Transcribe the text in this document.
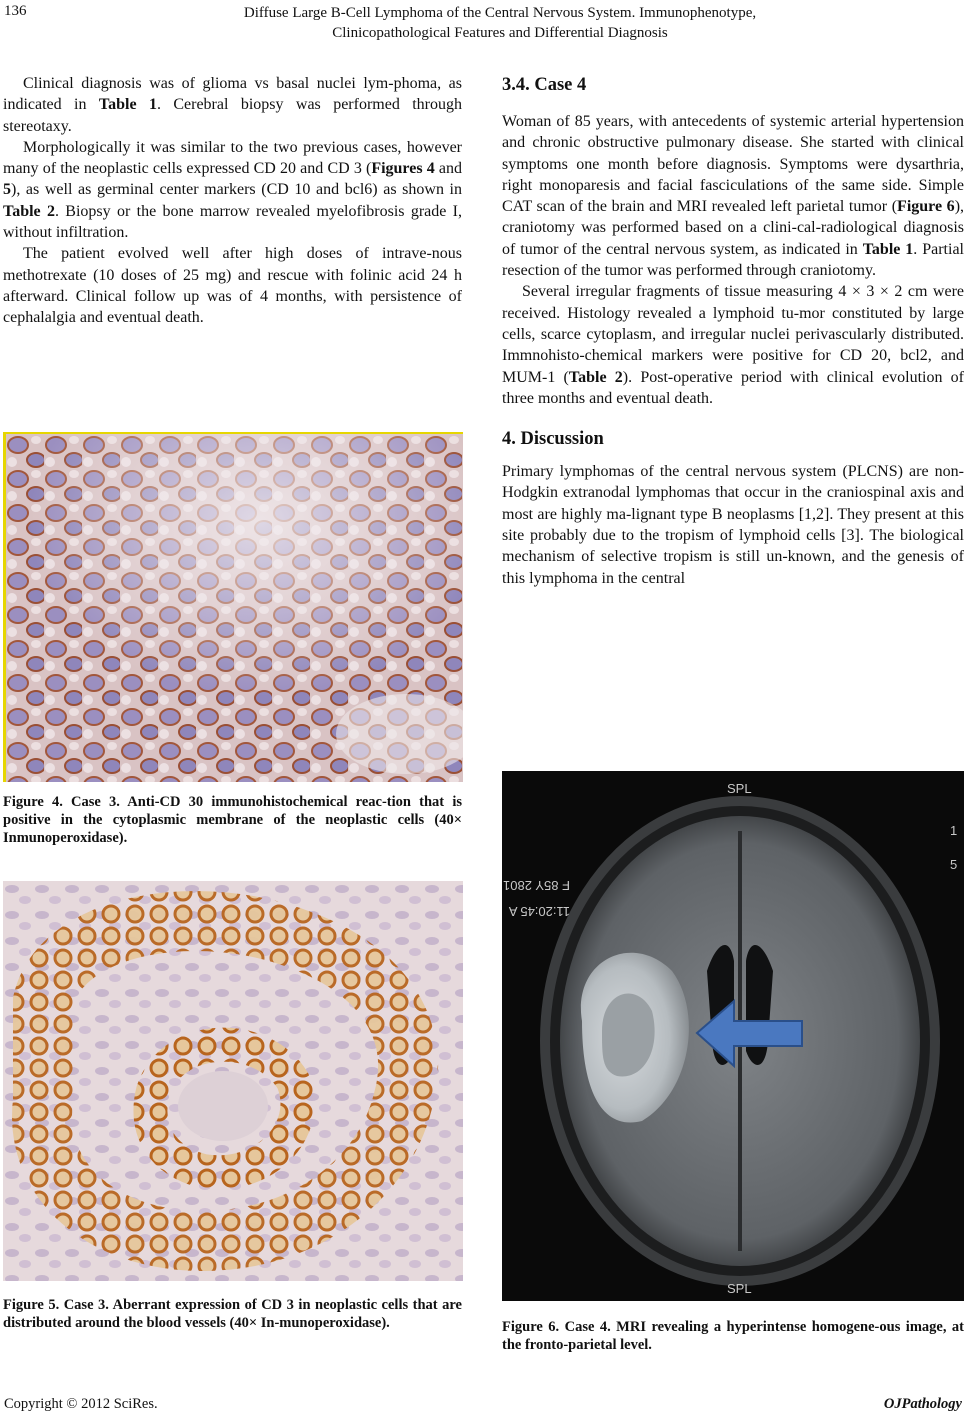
136	Diffuse Large B-Cell Lymphoma of the Central Nervous System. Immunophenotype,
Clinicopathological Features and Differential Diagnosis

Clinical diagnosis was of glioma vs basal nuclei lym-phoma, as indicated in Table 1. Cerebral biopsy was performed through stereotaxy.

Morphologically it was similar to the two previous cases, however many of the neoplastic cells expressed CD 20 and CD 3 (Figures 4 and 5), as well as germinal center markers (CD 10 and bcl6) as shown in Table 2. Biopsy or the bone marrow revealed myelofibrosis grade I, without infiltration.

The patient evolved well after high doses of intrave-nous methotrexate (10 doses of 25 mg) and rescue with folinic acid 24 h afterward. Clinical follow up was of 4 months, with persistence of cephalalgia and eventual death.

Figure 4. Case 3. Anti-CD 30 immunohistochemical reac-tion that is positive in the cytoplasmic membrane of the neoplastic cells (40× Inmunoperoxidase).
Figure 5. Case 3. Aberrant expression of CD 3 in neoplastic cells that are distributed around the blood vessels (40× In-munoperoxidase).
3.4. Case 4

Woman of 85 years, with antecedents of systemic arterial hypertension and chronic obstructive pulmonary disease. She started with clinical symptoms one month before diagnosis. Symptoms were dysarthria, right monoparesis and facial fasciculations of the same side. Simple CAT scan of the brain and MRI revealed left parietal tumor (Figure 6), craniotomy was performed based on a clini-cal-radiological diagnosis of tumor of the central nervous system, as indicated in Table 1. Partial resection of the tumor was performed through craniotomy.

Several irregular fragments of tissue measuring 4 × 3 × 2 cm were received. Histology revealed a lymphoid tu-mor constituted by large cells, scarce cytoplasm, and irregular nuclei perivascularly distributed. Immnohisto-chemical markers were positive for CD 20, bcl2, and MUM-1 (Table 2). Post-operative period with clinical evolution of three months and eventual death.

4. Discussion

Primary lymphomas of the central nervous system (PLCNS) are non-Hodgkin extranodal lymphomas that occur in the craniospinal axis and most are highly ma-lignant type B neoplasms [1,2]. They present at this site probably due to the tropism of lymphoid cells [3]. The biological mechanism of selective tropism is still un-known, and the genesis of this lymphoma in the central

SPL
F 85Y 2801
11:20:45 A
1
5
SPL
Figure 6. Case 4. MRI revealing a hyperintense homogene-ous image, at the fronto-parietal level.
Copyright © 2012 SciRes.	OJPathology
